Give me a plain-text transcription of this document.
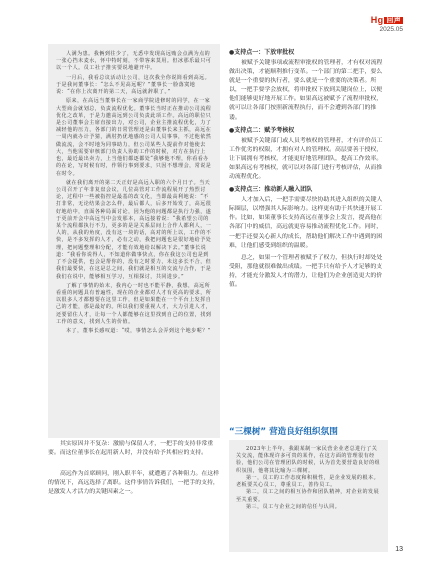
Hg 回声
2025.05

人满为患。我俩到往少了，无悉中发现高远贿会点满为点的一张心挡未麦水，怀中特时刻，不带客来莫用。但冰那乐最只可以一个人。员工社子推实要说地避开中。

一月后，我看总议活动让公司，这次我全你说简看到高远。于是我问董事长：“怎么不见高远呢？”董事长一脸落寞地说：“在你上次离开的第二天，高远就辞职了。”

原来，在高远当董事长在一家商学院进修时的同学，在一家大型商会就划总，负责流程优化。董事长当时正在推动公司流程优化之改革，于是力邀高远到公司负责此项工作。高远的职位只是公司董事会主席直接出力，对公司，企业主推流程优化，力了减轻他的压力，各部门的日常管理还是由董事长来主抓，高远在一周内就办计予猜，满肘扔优地感的公司人员事事，不过他依然做流流，会不时地为同事助力，但公司某些人提前作对他使去大，当他需要审核部门负责人协助工作的时候，对方在执行上也，最近最出卖力，上当他们都逐都处“我够他不理，你看看办的在论，写时候有时，作领行事到要求，只因不想理会，常说是在时令。

就在我们离开的第二天正好是高远入职的六个月日子。当天公司召开了年非复盘会议，几位高管对工作流程展开了热烈讨论，过程中一些被指控是最基的改文化，当即最高利地说：“不打非常，无论结果会怎么样，最后都人，后多开始发了，高远很好地给中，直面各种局面讨论，因为他的问题都是执行力强，遂于更前开会中高远当中会发那本，高远接着说：“我希望公司的某个流程都执行不力，更多的是是关系层间上合作人都利人，一人的，从我的角度，没有这一块的话，高对的所上以，工作的不快，是不多发挥的人才，必有之动，我把问题也是很好地给予处理，把问题整理和分配，才能有效地给以解决下去。”董事长说道：“我看你说得人，不知道你做事快点，你在我这公司也是到了不会提供，也会是帮你的，没有之时要力，未这多长不合，但我们最要快，在这是总之间，我们就是相互的交流与合作，于是我们在说中，能够相互学习，互相探讨，共同进步。”

了解了事情的始末，我内心一时也不能平静，我想，高远所看重的问题具有普遍性，现在的企业都对人才有更高的要求，所以很多人才都想要在这里工作，但是如果能在一个平台上发挥自己的才能，那是最好的。所以我们要重视人才，大力引进人才，还要留住人才，让每一个人都能够在这里找到自己的位置，找到工作的意义，找到人生的价值。

本了，董事长感叹道：“哎，事情怎么会弄到这个地步呢？”

其实原因并不复杂：激励与保留人才，一把手的支持非常重要。而这位董事长在起用新人时，并没有给予其相应的支持。

高远作为首席顾问，刚入职半年，就遭遇了各种阻力。在这样的情况下，高远选择了离职。这件事情告诉我们，一把手的支持，是激发人才活力的关键因素之一。

●支持点一：下放审批权

被赋予关键事项或流程审批权的管理者，才有权对流程做出决策，才能顺利推行变革。一个部门的第二把手，要么就是一个重要的执行者，要么就是一个重要的决策者。所以，一把手要学会放权，将审批权下放到关键岗位上，以便他们能够更好地开展工作。如果高远被赋予了流程审批权，就可以让各部门按照新流程执行，而不会遭到各部门的推诿。

●支持点二：赋予考核权

被赋予关键部门或人员考核权的管理者，才有评价员工工作优劣的权限，才拥有对人的管理权。高层要善于授权，让下属拥有考核权，才能更好地管理团队，提高工作效率。如果高远有考核权，就可以对各部门进行考核评估，从而推动流程优化。

●支持点三：推动新人融入团队

人才加入后，一把手需要尽快协助其进入组织的关键人际圈层，以增强其人际影响力。这样更有助于其快速开展工作。比如，如果董事长支持高远在董事会上发言，提高他在各部门中的威信，高远就更容易推动流程优化工作。同时，一把手还要关心新人的成长，帮助他们解决工作中遇到的困难，让他们感受到组织的温暖。

总之，如果一个管理者被赋予了权力，但执行时却处处受阻，那他就很难做出成绩。一把手只有给予人才足够的支持，才能充分激发人才的潜力，让他们为企业创造更大的价值。

“三棵树” 营造良好组织氛围

2023年上半年，我跟某制一家民营企业老总进行了关关交流，能体现许多可贵的某作，在这方面的管理很有经验，他们公司在管理团队的时候，认为首先要营造良好的组织氛围，他将其比喻为三棵树。

第一，员工的工作态度和积极性，是企业发展的根本。老板要关心员工，尊重员工，善待员工。

第二，员工之间的相互协作和团队精神，对企业的发展至关重要。

第三，员工与企业之间的信任与认同。

13
